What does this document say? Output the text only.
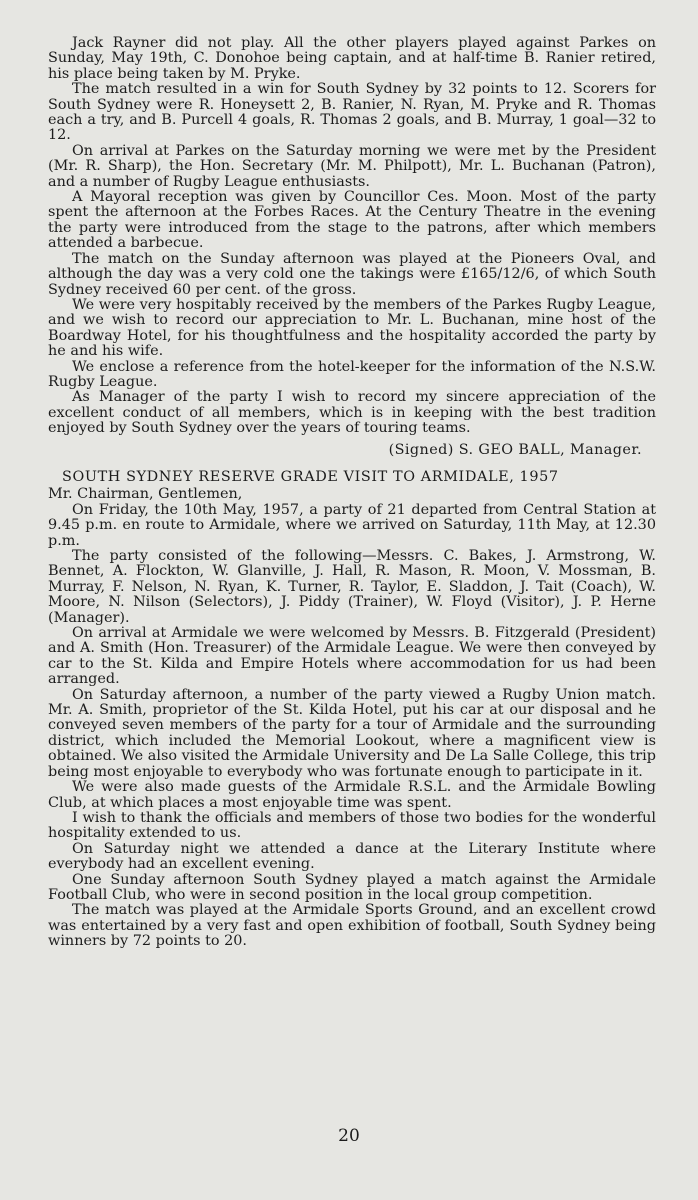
Jack Rayner did not play. All the other players played against Parkes on Sunday, May 19th, C. Donohoe being captain, and at half-time B. Ranier retired, his place being taken by M. Pryke.

The match resulted in a win for South Sydney by 32 points to 12. Scorers for South Sydney were R. Honeysett 2, B. Ranier, N. Ryan, M. Pryke and R. Thomas each a try, and B. Purcell 4 goals, R. Thomas 2 goals, and B. Murray, 1 goal—32 to 12.

On arrival at Parkes on the Saturday morning we were met by the President (Mr. R. Sharp), the Hon. Secretary (Mr. M. Philpott), Mr. L. Buchanan (Patron), and a number of Rugby League enthusiasts.

A Mayoral reception was given by Councillor Ces. Moon. Most of the party spent the afternoon at the Forbes Races. At the Century Theatre in the evening the party were introduced from the stage to the patrons, after which members attended a barbecue.

The match on the Sunday afternoon was played at the Pioneers Oval, and although the day was a very cold one the takings were £165/12/6, of which South Sydney received 60 per cent. of the gross.

We were very hospitably received by the members of the Parkes Rugby League, and we wish to record our appreciation to Mr. L. Buchanan, mine host of the Boardway Hotel, for his thoughtfulness and the hospitality accorded the party by he and his wife.

We enclose a reference from the hotel-keeper for the information of the N.S.W. Rugby League.

As Manager of the party I wish to record my sincere appreciation of the excellent conduct of all members, which is in keeping with the best tradition enjoyed by South Sydney over the years of touring teams.

(Signed) S. GEO BALL, Manager.

SOUTH SYDNEY RESERVE GRADE VISIT TO ARMIDALE, 1957

Mr. Chairman, Gentlemen,

On Friday, the 10th May, 1957, a party of 21 departed from Central Station at 9.45 p.m. en route to Armidale, where we arrived on Saturday, 11th May, at 12.30 p.m.

The party consisted of the following—Messrs. C. Bakes, J. Armstrong, W. Bennet, A. Flockton, W. Glanville, J. Hall, R. Mason, R. Moon, V. Mossman, B. Murray, F. Nelson, N. Ryan, K. Turner, R. Taylor, E. Sladdon, J. Tait (Coach), W. Moore, N. Nilson (Selectors), J. Piddy (Trainer), W. Floyd (Visitor), J. P. Herne (Manager).

On arrival at Armidale we were welcomed by Messrs. B. Fitzgerald (President) and A. Smith (Hon. Treasurer) of the Armidale League. We were then conveyed by car to the St. Kilda and Empire Hotels where accommodation for us had been arranged.

On Saturday afternoon, a number of the party viewed a Rugby Union match. Mr. A. Smith, proprietor of the St. Kilda Hotel, put his car at our disposal and he conveyed seven members of the party for a tour of Armidale and the surrounding district, which included the Memorial Lookout, where a magnificent view is obtained. We also visited the Armidale University and De La Salle College, this trip being most enjoyable to everybody who was fortunate enough to participate in it.

We were also made guests of the Armidale R.S.L. and the Armidale Bowling Club, at which places a most enjoyable time was spent.

I wish to thank the officials and members of those two bodies for the wonderful hospitality extended to us.

On Saturday night we attended a dance at the Literary Institute where everybody had an excellent evening.

One Sunday afternoon South Sydney played a match against the Armidale Football Club, who were in second position in the local group competition.

The match was played at the Armidale Sports Ground, and an excellent crowd was entertained by a very fast and open exhibition of football, South Sydney being winners by 72 points to 20.

20
